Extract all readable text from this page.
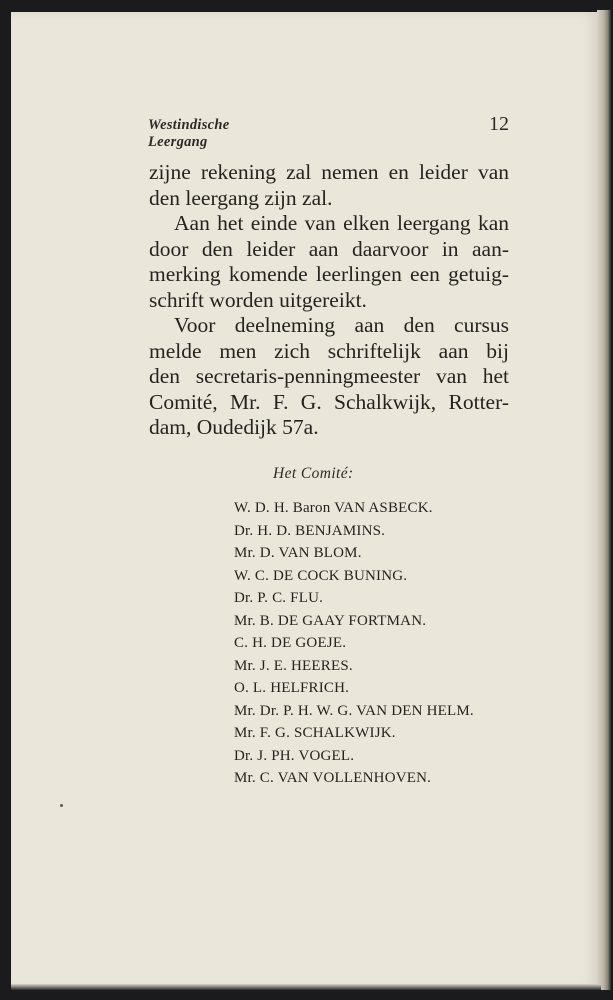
Westindische
Leergang
12

zijne rekening zal nemen en leider van

den leergang zijn zal.

Aan het einde van elken leergang kan

door den leider aan daarvoor in aan-

merking komende leerlingen een getuig-

schrift worden uitgereikt.

Voor deelneming aan den cursus

melde men zich schriftelijk aan bij

den secretaris-penningmeester van het

Comité, Mr. F. G. Schalkwijk, Rotter-

dam, Oudedijk 57a.

Het Comité:
W. D. H. Baron VAN ASBECK.
Dr. H. D. BENJAMINS.
Mr. D. VAN BLOM.
W. C. DE COCK BUNING.
Dr. P. C. FLU.
Mr. B. DE GAAY FORTMAN.
C. H. DE GOEJE.
Mr. J. E. HEERES.
O. L. HELFRICH.
Mr. Dr. P. H. W. G. VAN DEN HELM.
Mr. F. G. SCHALKWIJK.
Dr. J. PH. VOGEL.
Mr. C. VAN VOLLENHOVEN.
